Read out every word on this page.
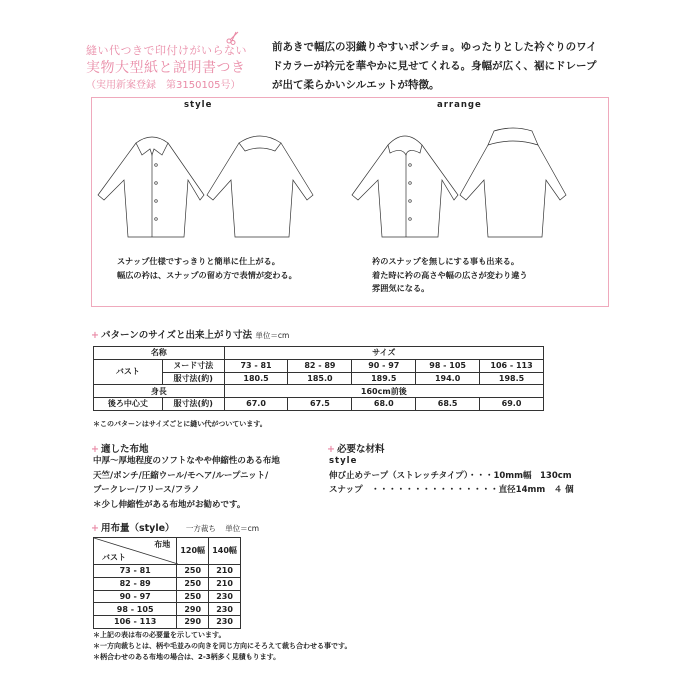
縫い代つきで印付けがいらない
実物大型紙と説明書つき
（実用新案登録　第3150105号）
前あきで幅広の羽織りやすいポンチョ。ゆったりとした衿ぐりのワイドカラーが衿元を華やかに見せてくれる。身幅が広く、裾にドレープが出て柔らかいシルエットが特徴。
style	arrange
スナップ仕様ですっきりと簡単に仕上がる。
幅広の衿は、スナップの留め方で表情が変わる。
衿のスナップを無しにする事も出来る。
着た時に衿の高さや幅の広さが変わり違う
雰囲気になる。
+ パターンのサイズと出来上がり寸法 単位＝cm
名称		サイズ				
バスト	ヌード寸法	73 - 81	82 - 89	90 - 97	98 - 105	106 - 113
	服寸法(約)	180.5	185.0	189.5	194.0	198.5
身長		160cm前後				
後ろ中心丈	服寸法(約)	67.0	67.5	68.0	68.5	69.0
＊このパターンはサイズごとに縫い代がついています。
+ 適した布地
中厚〜厚地程度のソフトなやや伸縮性のある布地
天竺/ポンチ/圧縮ウール/モヘア/ループニット/
ブークレー/フリース/フラノ
＊少し伸縮性がある布地がお勧めです。
+ 必要な材料
style
伸び止めテープ（ストレッチタイプ）・・・10mm幅　130cm
スナップ　・・・・・・・・・・・・・・・直径14mm　４ 個
+ 用布量（style） 一方裁ち 単位＝cm
布地
バスト	120幅	140幅
73 - 81	250	210
82 - 89	250	210
90 - 97	250	230
98 - 105	290	230
106 - 113	290	230
＊上記の表は布の必要量を示しています。
＊一方向裁ちとは、柄や毛並みの向きを同じ方向にそろえて裁ち合わせる事です。
＊柄合わせのある布地の場合は、2-3柄多く見積もります。
